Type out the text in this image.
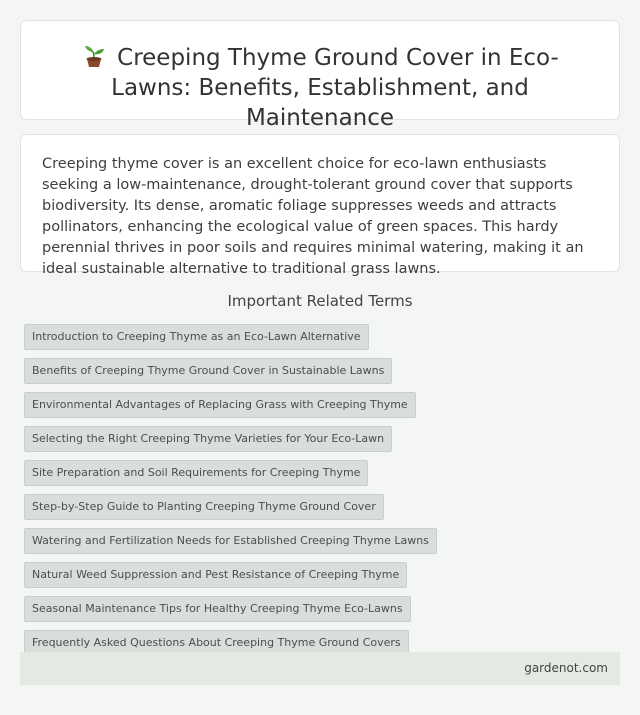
Creeping Thyme Ground Cover in Eco-Lawns: Benefits, Establishment, and Maintenance

Creeping thyme cover is an excellent choice for eco-lawn enthusiasts seeking a low-maintenance, drought-tolerant ground cover that supports biodiversity. Its dense, aromatic foliage suppresses weeds and attracts pollinators, enhancing the ecological value of green spaces. This hardy perennial thrives in poor soils and requires minimal watering, making it an ideal sustainable alternative to traditional grass lawns.

Important Related Terms
Introduction to Creeping Thyme as an Eco-Lawn Alternative
Benefits of Creeping Thyme Ground Cover in Sustainable Lawns
Environmental Advantages of Replacing Grass with Creeping Thyme
Selecting the Right Creeping Thyme Varieties for Your Eco-Lawn
Site Preparation and Soil Requirements for Creeping Thyme
Step-by-Step Guide to Planting Creeping Thyme Ground Cover
Watering and Fertilization Needs for Established Creeping Thyme Lawns
Natural Weed Suppression and Pest Resistance of Creeping Thyme
Seasonal Maintenance Tips for Healthy Creeping Thyme Eco-Lawns
Frequently Asked Questions About Creeping Thyme Ground Covers
gardenot.com
